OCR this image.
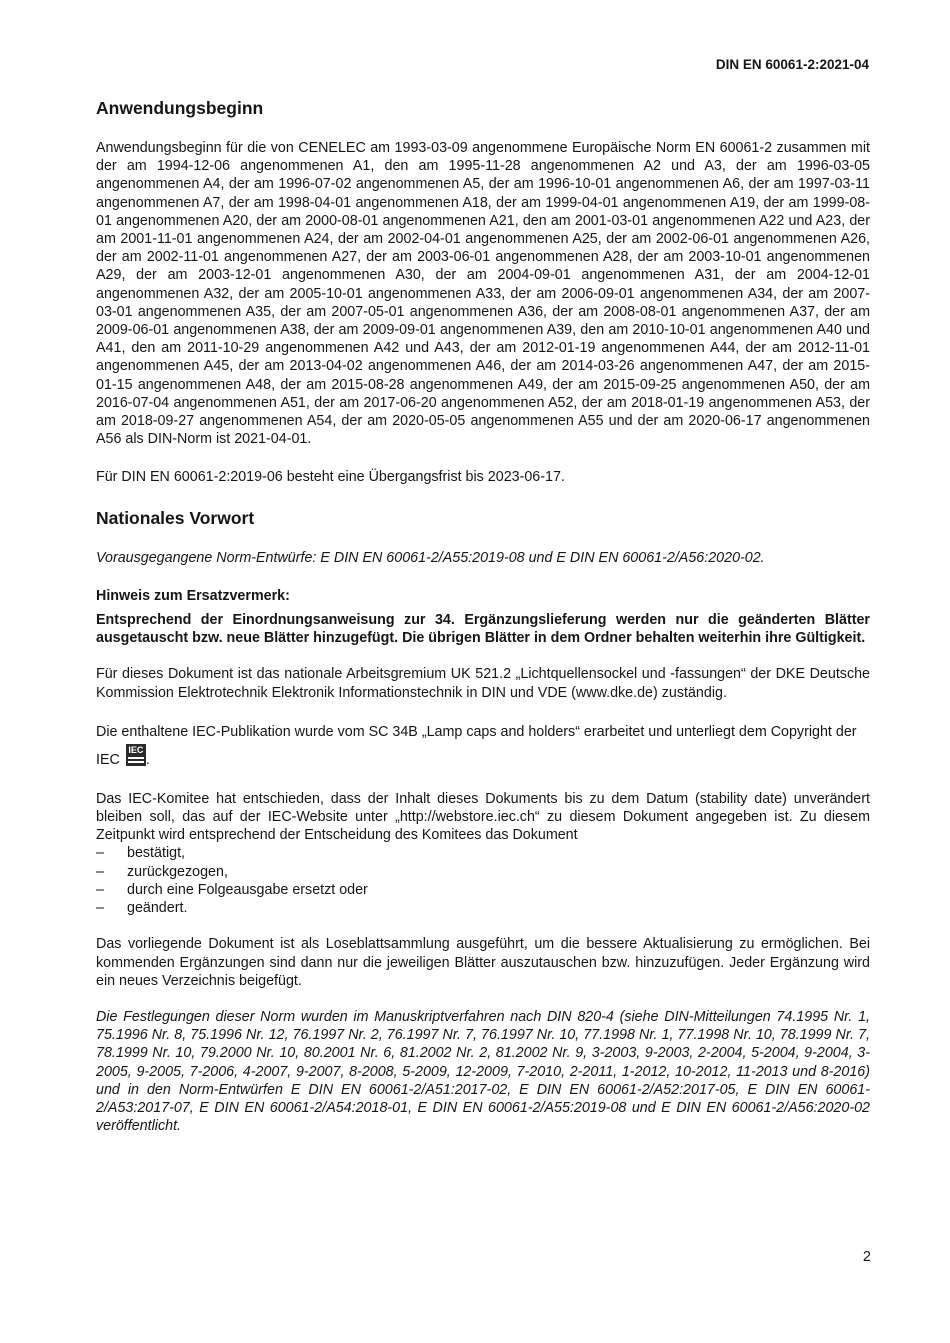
DIN EN 60061-2:2021-04
Anwendungsbeginn

Anwendungsbeginn für die von CENELEC am 1993-03-09 angenommene Europäische Norm EN 60061-2 zusammen mit der am 1994-12-06 angenommenen A1, den am 1995-11-28 angenommenen A2 und A3, der am 1996-03-05 angenommenen A4, der am 1996-07-02 angenommenen A5, der am 1996-10-01 angenommenen A6, der am 1997-03-11 angenommenen A7, der am 1998-04-01 angenommenen A18, der am 1999-04-01 angenommenen A19, der am 1999-08-01 angenommenen A20, der am 2000-08-01 angenommenen A21, den am 2001-03-01 angenommenen A22 und A23, der am 2001-11-01 angenommenen A24, der am 2002-04-01 angenommenen A25, der am 2002-06-01 angenommenen A26, der am 2002-11-01 angenommenen A27, der am 2003-06-01 angenommenen A28, der am 2003-10-01 angenommenen A29, der am 2003-12-01 angenommenen A30, der am 2004-09-01 angenommenen A31, der am 2004-12-01 angenommenen A32, der am 2005-10-01 angenommenen A33, der am 2006-09-01 angenommenen A34, der am 2007-03-01 angenommenen A35, der am 2007-05-01 angenommenen A36, der am 2008-08-01 angenommenen A37, der am 2009-06-01 angenommenen A38, der am 2009-09-01 angenommenen A39, den am 2010-10-01 angenommenen A40 und A41, den am 2011-10-29 angenommenen A42 und A43, der am 2012-01-19 angenommenen A44, der am 2012-11-01 angenommenen A45, der am 2013-04-02 angenommenen A46, der am 2014-03-26 angenommenen A47, der am 2015-01-15 angenommenen A48, der am 2015-08-28 angenommenen A49, der am 2015-09-25 angenommenen A50, der am 2016-07-04 angenommenen A51, der am 2017-06-20 angenommenen A52, der am 2018-01-19 angenommenen A53, der am 2018-09-27 angenommenen A54, der am 2020-05-05 angenommenen A55 und der am 2020-06-17 angenommenen A56 als DIN-Norm ist 2021-04-01.

Für DIN EN 60061-2:2019-06 besteht eine Übergangsfrist bis 2023-06-17.

Nationales Vorwort

Vorausgegangene Norm-Entwürfe: E DIN EN 60061-2/A55:2019-08 und E DIN EN 60061-2/A56:2020-02.

Hinweis zum Ersatzvermerk:

Entsprechend der Einordnungsanweisung zur 34. Ergänzungslieferung werden nur die geänderten Blätter ausgetauscht bzw. neue Blätter hinzugefügt. Die übrigen Blätter in dem Ordner behalten weiterhin ihre Gültigkeit.

Für dieses Dokument ist das nationale Arbeitsgremium UK 521.2 „Lichtquellensockel und -fassungen“ der DKE Deutsche Kommission Elektrotechnik Elektronik Informationstechnik in DIN und VDE (www.dke.de) zuständig.

Die enthaltene IEC-Publikation wurde vom SC 34B „Lamp caps and holders“ erarbeitet und unterliegt dem Copyright der IEC
IEC
.

Das IEC-Komitee hat entschieden, dass der Inhalt dieses Dokuments bis zu dem Datum (stability date) unverändert bleiben soll, das auf der IEC-Website unter „http://webstore.iec.ch“ zu diesem Dokument angegeben ist. Zu diesem Zeitpunkt wird entsprechend der Entscheidung des Komitees das Dokument

– bestätigt,
– zurückgezogen,
– durch eine Folgeausgabe ersetzt oder
– geändert.

Das vorliegende Dokument ist als Loseblattsammlung ausgeführt, um die bessere Aktualisierung zu ermöglichen. Bei kommenden Ergänzungen sind dann nur die jeweiligen Blätter auszutauschen bzw. hinzuzufügen. Jeder Ergänzung wird ein neues Verzeichnis beigefügt.

Die Festlegungen dieser Norm wurden im Manuskriptverfahren nach DIN 820-4 (siehe DIN-Mitteilungen 74.1995 Nr. 1, 75.1996 Nr. 8, 75.1996 Nr. 12, 76.1997 Nr. 2, 76.1997 Nr. 7, 76.1997 Nr. 10, 77.1998 Nr. 1, 77.1998 Nr. 10, 78.1999 Nr. 7, 78.1999 Nr. 10, 79.2000 Nr. 10, 80.2001 Nr. 6, 81.2002 Nr. 2, 81.2002 Nr. 9, 3-2003, 9-2003, 2-2004, 5-2004, 9-2004, 3-2005, 9-2005, 7-2006, 4-2007, 9-2007, 8-2008, 5-2009, 12-2009, 7-2010, 2-2011, 1-2012, 10-2012, 11-2013 und 8-2016) und in den Norm-Entwürfen E DIN EN 60061-2/A51:2017-02, E DIN EN 60061-2/A52:2017-05, E DIN EN 60061-2/A53:2017-07, E DIN EN 60061-2/A54:2018-01, E DIN EN 60061-2/A55:2019-08 und E DIN EN 60061-2/A56:2020-02 veröffentlicht.

2
